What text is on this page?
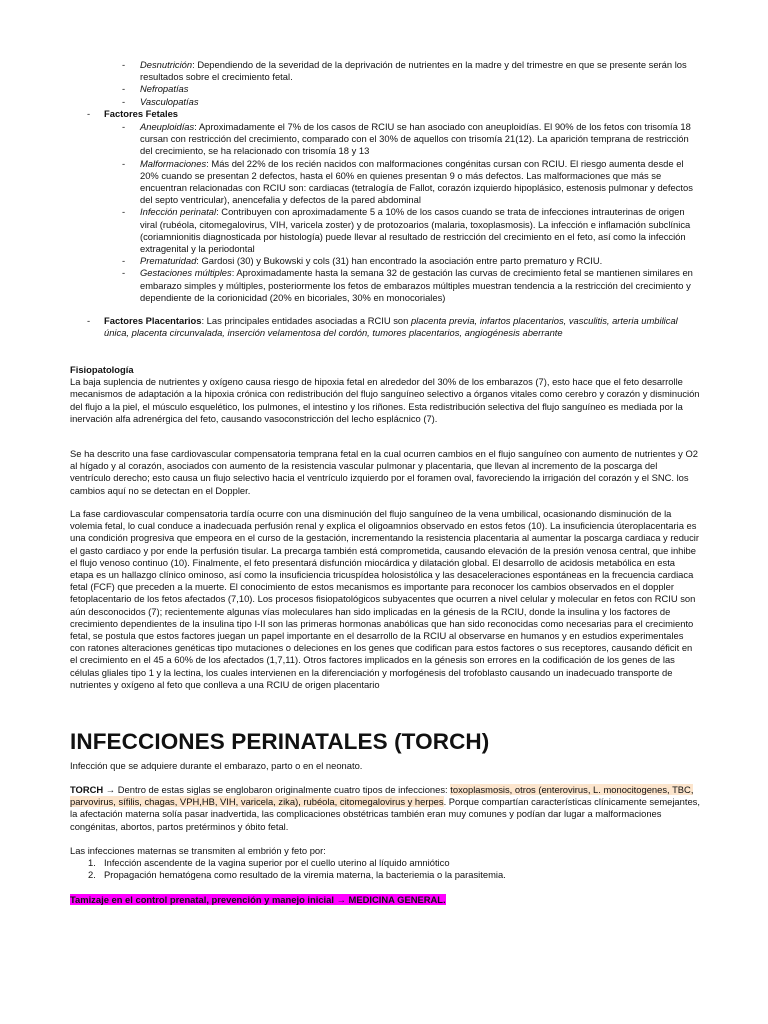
- Desnutrición: Dependiendo de la severidad de la deprivación de nutrientes en la madre y del trimestre en que se presente serán los resultados sobre el crecimiento fetal.
- Nefropatías
- Vasculopatías
- Factores Fetales
- Aneuploidías: Aproximadamente el 7% de los casos de RCIU se han asociado con aneuploidías. El 90% de los fetos con trisomía 18 cursan con restricción del crecimiento, comparado con el 30% de aquellos con trisomía 21(12). La aparición temprana de restricción del crecimiento, se ha relacionado con trisomía 18 y 13
- Malformaciones: Más del 22% de los recién nacidos con malformaciones congénitas cursan con RCIU. El riesgo aumenta desde el 20% cuando se presentan 2 defectos, hasta el 60% en quienes presentan 9 o más defectos. Las malformaciones que más se encuentran relacionadas con RCIU son: cardiacas (tetralogía de Fallot, corazón izquierdo hipoplásico, estenosis pulmonar y defectos del septo ventricular), anencefalia y defectos de la pared abdominal
- Infección perinatal: Contribuyen con aproximadamente 5 a 10% de los casos cuando se trata de infecciones intrauterinas de origen viral (rubéola, citomegalovirus, VIH, varicela zoster) y de protozoarios (malaria, toxoplasmosis). La infección e inflamación subclínica (coriamnionitis diagnosticada por histología) puede llevar al resultado de restricción del crecimiento en el feto, así como la infección extragenital y la periodontal
- Prematuridad: Gardosi (30) y Bukowski y cols (31) han encontrado la asociación entre parto prematuro y RCIU.
- Gestaciones múltiples: Aproximadamente hasta la semana 32 de gestación las curvas de crecimiento fetal se mantienen similares en embarazo simples y múltiples, posteriormente los fetos de embarazos múltiples muestran tendencia a la restricción del crecimiento y dependiente de la corionicidad (20% en bicoriales, 30% en monocoriales)
- Factores Placentarios: Las principales entidades asociadas a RCIU son placenta previa, infartos placentarios, vasculitis, arteria umbilical única, placenta circunvalada, inserción velamentosa del cordón, tumores placentarios, angiogénesis aberrante

Fisiopatología

La baja suplencia de nutrientes y oxígeno causa riesgo de hipoxia fetal en alrededor del 30% de los embarazos (7), esto hace que el feto desarrolle mecanismos de adaptación a la hipoxia crónica con redistribución del flujo sanguíneo selectivo a órganos vitales como cerebro y corazón y disminución del flujo a la piel, el músculo esquelético, los pulmones, el intestino y los riñones. Esta redistribución selectiva del flujo sanguíneo es mediada por la inervación alfa adrenérgica del feto, causando vasoconstricción del lecho esplácnico (7).

Se ha descrito una fase cardiovascular compensatoria temprana fetal en la cual ocurren cambios en el flujo sanguíneo con aumento de nutrientes y O2 al hígado y al corazón, asociados con aumento de la resistencia vascular pulmonar y placentaria, que llevan al incremento de la poscarga del ventrículo derecho; esto causa un flujo selectivo hacia el ventrículo izquierdo por el foramen oval, favoreciendo la irrigación del corazón y el SNC. los cambios aquí no se detectan en el Doppler.

La fase cardiovascular compensatoria tardía ocurre con una disminución del flujo sanguíneo de la vena umbilical, ocasionando disminución de la volemia fetal, lo cual conduce a inadecuada perfusión renal y explica el oligoamnios observado en estos fetos (10). La insuficiencia úteroplacentaria es una condición progresiva que empeora en el curso de la gestación, incrementando la resistencia placentaria al aumentar la poscarga cardiaca y reducir el gasto cardiaco y por ende la perfusión tisular. La precarga también está comprometida, causando elevación de la presión venosa central, que inhibe el flujo venoso continuo (10). Finalmente, el feto presentará disfunción miocárdica y dilatación global. El desarrollo de acidosis metabólica en esta etapa es un hallazgo clínico ominoso, así como la insuficiencia tricuspídea holosistólica y las desaceleraciones espontáneas en la frecuencia cardiaca fetal (FCF) que preceden a la muerte. El conocimiento de estos mecanismos es importante para reconocer los cambios observados en el doppler fetoplacentario de los fetos afectados (7,10). Los procesos fisiopatológicos subyacentes que ocurren a nivel celular y molecular en fetos con RCIU son aún desconocidos (7); recientemente algunas vías moleculares han sido implicadas en la génesis de la RCIU, donde la insulina y los factores de crecimiento dependientes de la insulina tipo I-II son las primeras hormonas anabólicas que han sido reconocidas como necesarias para el crecimiento fetal, se postula que estos factores juegan un papel importante en el desarrollo de la RCIU al observarse en humanos y en estudios experimentales con ratones alteraciones genéticas tipo mutaciones o deleciones en los genes que codifican para estos factores o sus receptores, causando déficit en el crecimiento en el 45 a 60% de los afectados (1,7,11). Otros factores implicados en la génesis son errores en la codificación de los genes de las células gliales tipo 1 y la lectina, los cuales intervienen en la diferenciación y morfogénesis del trofoblasto causando un inadecuado transporte de nutrientes y oxígeno al feto que conlleva a una RCIU de origen placentario

INFECCIONES PERINATALES (TORCH)

Infección que se adquiere durante el embarazo, parto o en el neonato.

TORCH → Dentro de estas siglas se englobaron originalmente cuatro tipos de infecciones: toxoplasmosis, otros (enterovirus, L. monocitogenes, TBC, parvovirus, sífilis, chagas, VPH,HB, VIH, varicela, zika), rubéola, citomegalovirus y herpes. Porque compartían características clínicamente semejantes, la afectación materna solía pasar inadvertida, las complicaciones obstétricas también eran muy comunes y podían dar lugar a malformaciones congénitas, abortos, partos pretérminos y óbito fetal.

Las infecciones maternas se transmiten al embrión y feto por:

1. Infección ascendente de la vagina superior por el cuello uterino al líquido amniótico
2. Propagación hematógena como resultado de la viremia materna, la bacteriemia o la parasitemia.

Tamizaje en el control prenatal, prevención y manejo inicial → MEDICINA GENERAL.
